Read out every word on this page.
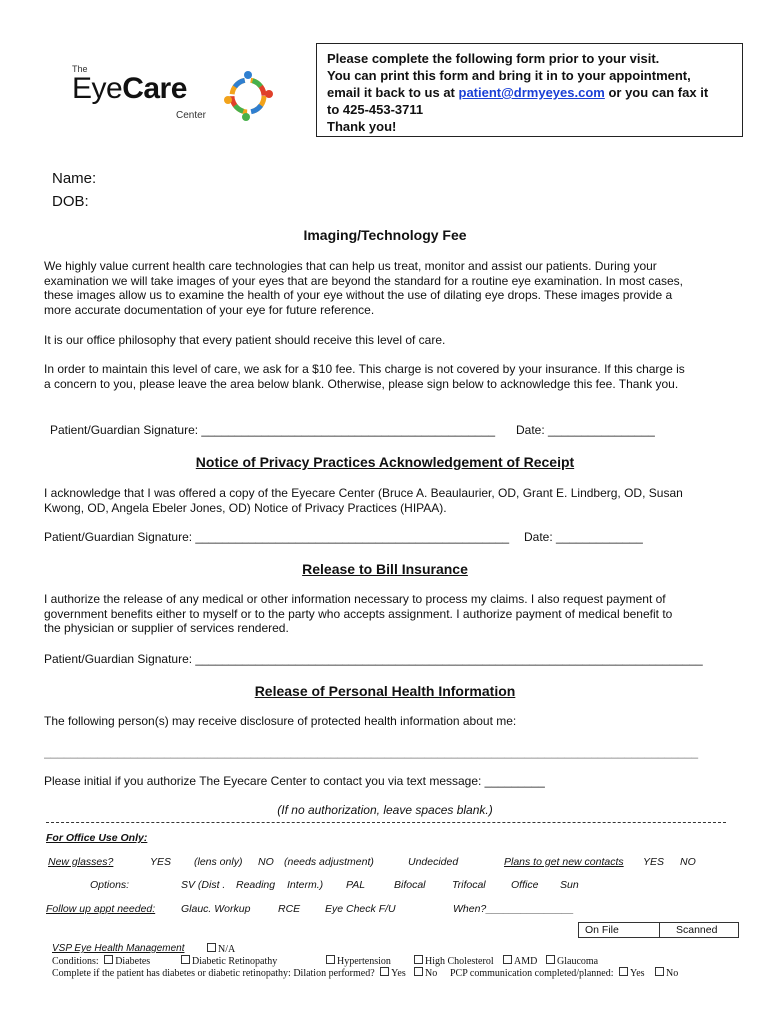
The
EyeCare
Center
Please complete the following form prior to your visit.
You can print this form and bring it in to your appointment,
email it back to us at patient@drmyeyes.com or you can fax it
to 425-453-3711
Thank you!
Name:
DOB:
Imaging/Technology Fee
We highly value current health care technologies that can help us treat, monitor and assist our patients. During your
examination we will take images of your eyes that are beyond the standard for a routine eye examination. In most cases,
these images allow us to examine the health of your eye without the use of dilating eye drops. These images provide a
more accurate documentation of your eye for future reference.
It is our office philosophy that every patient should receive this level of care.
In order to maintain this level of care, we ask for a $10 fee. This charge is not covered by your insurance. If this charge is
a concern to you, please leave the area below blank. Otherwise, please sign below to acknowledge this fee. Thank you.
Patient/Guardian Signature: ____________________________________________ Date: ________________
Notice of Privacy Practices Acknowledgement of Receipt
I acknowledge that I was offered a copy of the Eyecare Center (Bruce A. Beaulaurier, OD, Grant E. Lindberg, OD, Susan
Kwong, OD, Angela Ebeler Jones, OD) Notice of Privacy Practices (HIPAA).
Patient/Guardian Signature: _______________________________________________ Date: _____________
Release to Bill Insurance
I authorize the release of any medical or other information necessary to process my claims. I also request payment of
government benefits either to myself or to the party who accepts assignment. I authorize payment of medical benefit to
the physician or supplier of services rendered.
Patient/Guardian Signature: ____________________________________________________________________________
Release of Personal Health Information
The following person(s) may receive disclosure of protected health information about me:
__________________________________________________________________________________________________
Please initial if you authorize The Eyecare Center to contact you via text message: _________
(If no authorization, leave spaces blank.)
For Office Use Only:
New glasses?	YES (lens only) NO (needs adjustment)	Undecided	Plans to get new contacts YES NO
Options:	SV (Dist . Reading Interm.) PAL	Bifocal	Trifocal Office Sun
Follow up appt needed: Glauc. Workup	RCE Eye Check F/U	When?_______________
On File	Scanned
VSP Eye Health Management	N/A
Conditions: Diabetes	Diabetic Retinopathy	Hypertension	High Cholesterol	AMD	Glaucoma
Complete if the patient has diabetes or diabetic retinopathy: Dilation performed? Yes	No PCP communication completed/planned: Yes	No
